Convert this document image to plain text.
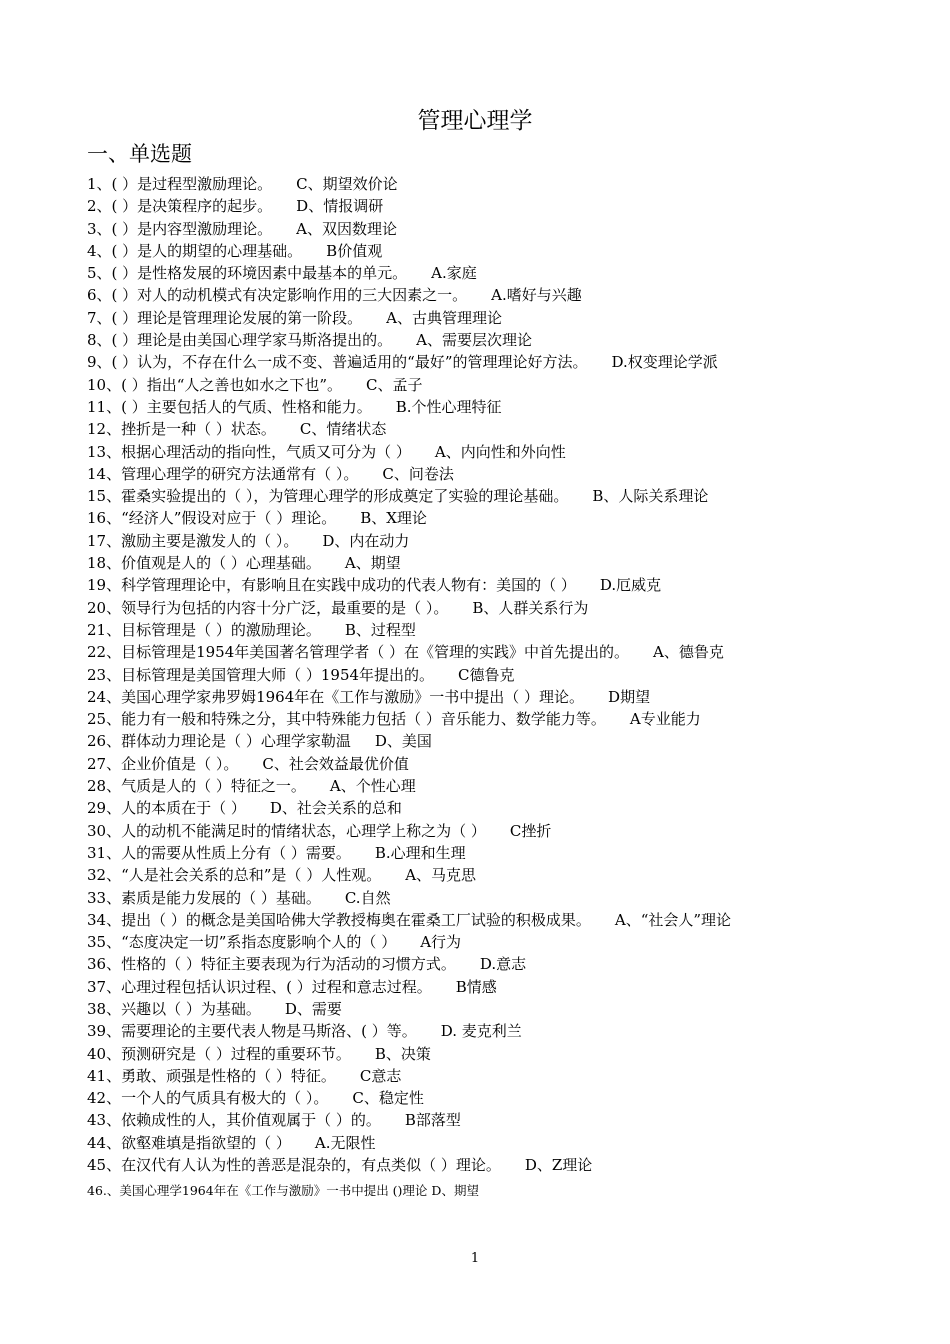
管理心理学
一、单选题
1、( ）是过程型激励理论。 C、期望效价论
2、( ）是决策程序的起步。 D、情报调研
3、( ）是内容型激励理论。 A、双因数理论
4、( ）是人的期望的心理基础。 B价值观
5、( ）是性格发展的环境因素中最基本的单元。 A.家庭
6、( ）对人的动机模式有决定影响作用的三大因素之一。 A.嗜好与兴趣
7、( ）理论是管理理论发展的第一阶段。 A、古典管理理论
8、( ）理论是由美国心理学家马斯洛提出的。 A、需要层次理论
9、( ）认为，不存在什么一成不变、普遍适用的“最好”的管理理论好方法。 D.权变理论学派
10、( ）指出“人之善也如水之下也”。 C、孟子
11、( ）主要包括人的气质、性格和能力。 B.个性心理特征
12、挫折是一种（ ）状态。 C、情绪状态
13、根据心理活动的指向性，气质又可分为（ ） A、内向性和外向性
14、管理心理学的研究方法通常有（ ）。 C、问卷法
15、霍桑实验提出的（ ），为管理心理学的形成奠定了实验的理论基础。 B、人际关系理论
16、“经济人”假设对应于（ ）理论。 B、X理论
17、激励主要是激发人的（ ）。 D、内在动力
18、价值观是人的（ ）心理基础。 A、期望
19、科学管理理论中，有影响且在实践中成功的代表人物有：美国的（ ） D.厄威克
20、领导行为包括的内容十分广泛，最重要的是（ ）。 B、人群关系行为
21、目标管理是（ ）的激励理论。 B、过程型
22、目标管理是1954年美国著名管理学者（ ）在《管理的实践》中首先提出的。 A、德鲁克
23、目标管理是美国管理大师（ ）1954年提出的。 C德鲁克
24、美国心理学家弗罗姆1964年在《工作与激励》一书中提出（ ）理论。 D期望
25、能力有一般和特殊之分，其中特殊能力包括（ ）音乐能力、数学能力等。 A专业能力
26、群体动力理论是（ ）心理学家勒温 D、美国
27、企业价值是（ ）。 C、社会效益最优价值
28、气质是人的（ ）特征之一。 A、个性心理
29、人的本质在于（ ） D、社会关系的总和
30、人的动机不能满足时的情绪状态，心理学上称之为（ ） C挫折
31、人的需要从性质上分有（ ）需要。 B.心理和生理
32、“人是社会关系的总和”是（ ）人性观。 A、马克思
33、素质是能力发展的（ ）基础。 C.自然
34、提出（ ）的概念是美国哈佛大学教授梅奥在霍桑工厂试验的积极成果。 A、“社会人”理论
35、“态度决定一切”系指态度影响个人的（ ） A行为
36、性格的（ ）特征主要表现为行为活动的习惯方式。 D.意志
37、心理过程包括认识过程、( ）过程和意志过程。 B情感
38、兴趣以（ ）为基础。 D、需要
39、需要理论的主要代表人物是马斯洛、( ）等。 D. 麦克利兰
40、预测研究是（ ）过程的重要环节。 B、决策
41、勇敢、顽强是性格的（ ）特征。 C意志
42、一个人的气质具有极大的（ ）。 C、稳定性
43、依赖成性的人，其价值观属于（ ）的。 B部落型
44、欲壑难填是指欲望的（ ） A.无限性
45、在汉代有人认为性的善恶是混杂的，有点类似（ ）理论。 D、Z理论
46.、美国心理学1964年在《工作与激励》一书中提出 ()理论 D、期望
1
